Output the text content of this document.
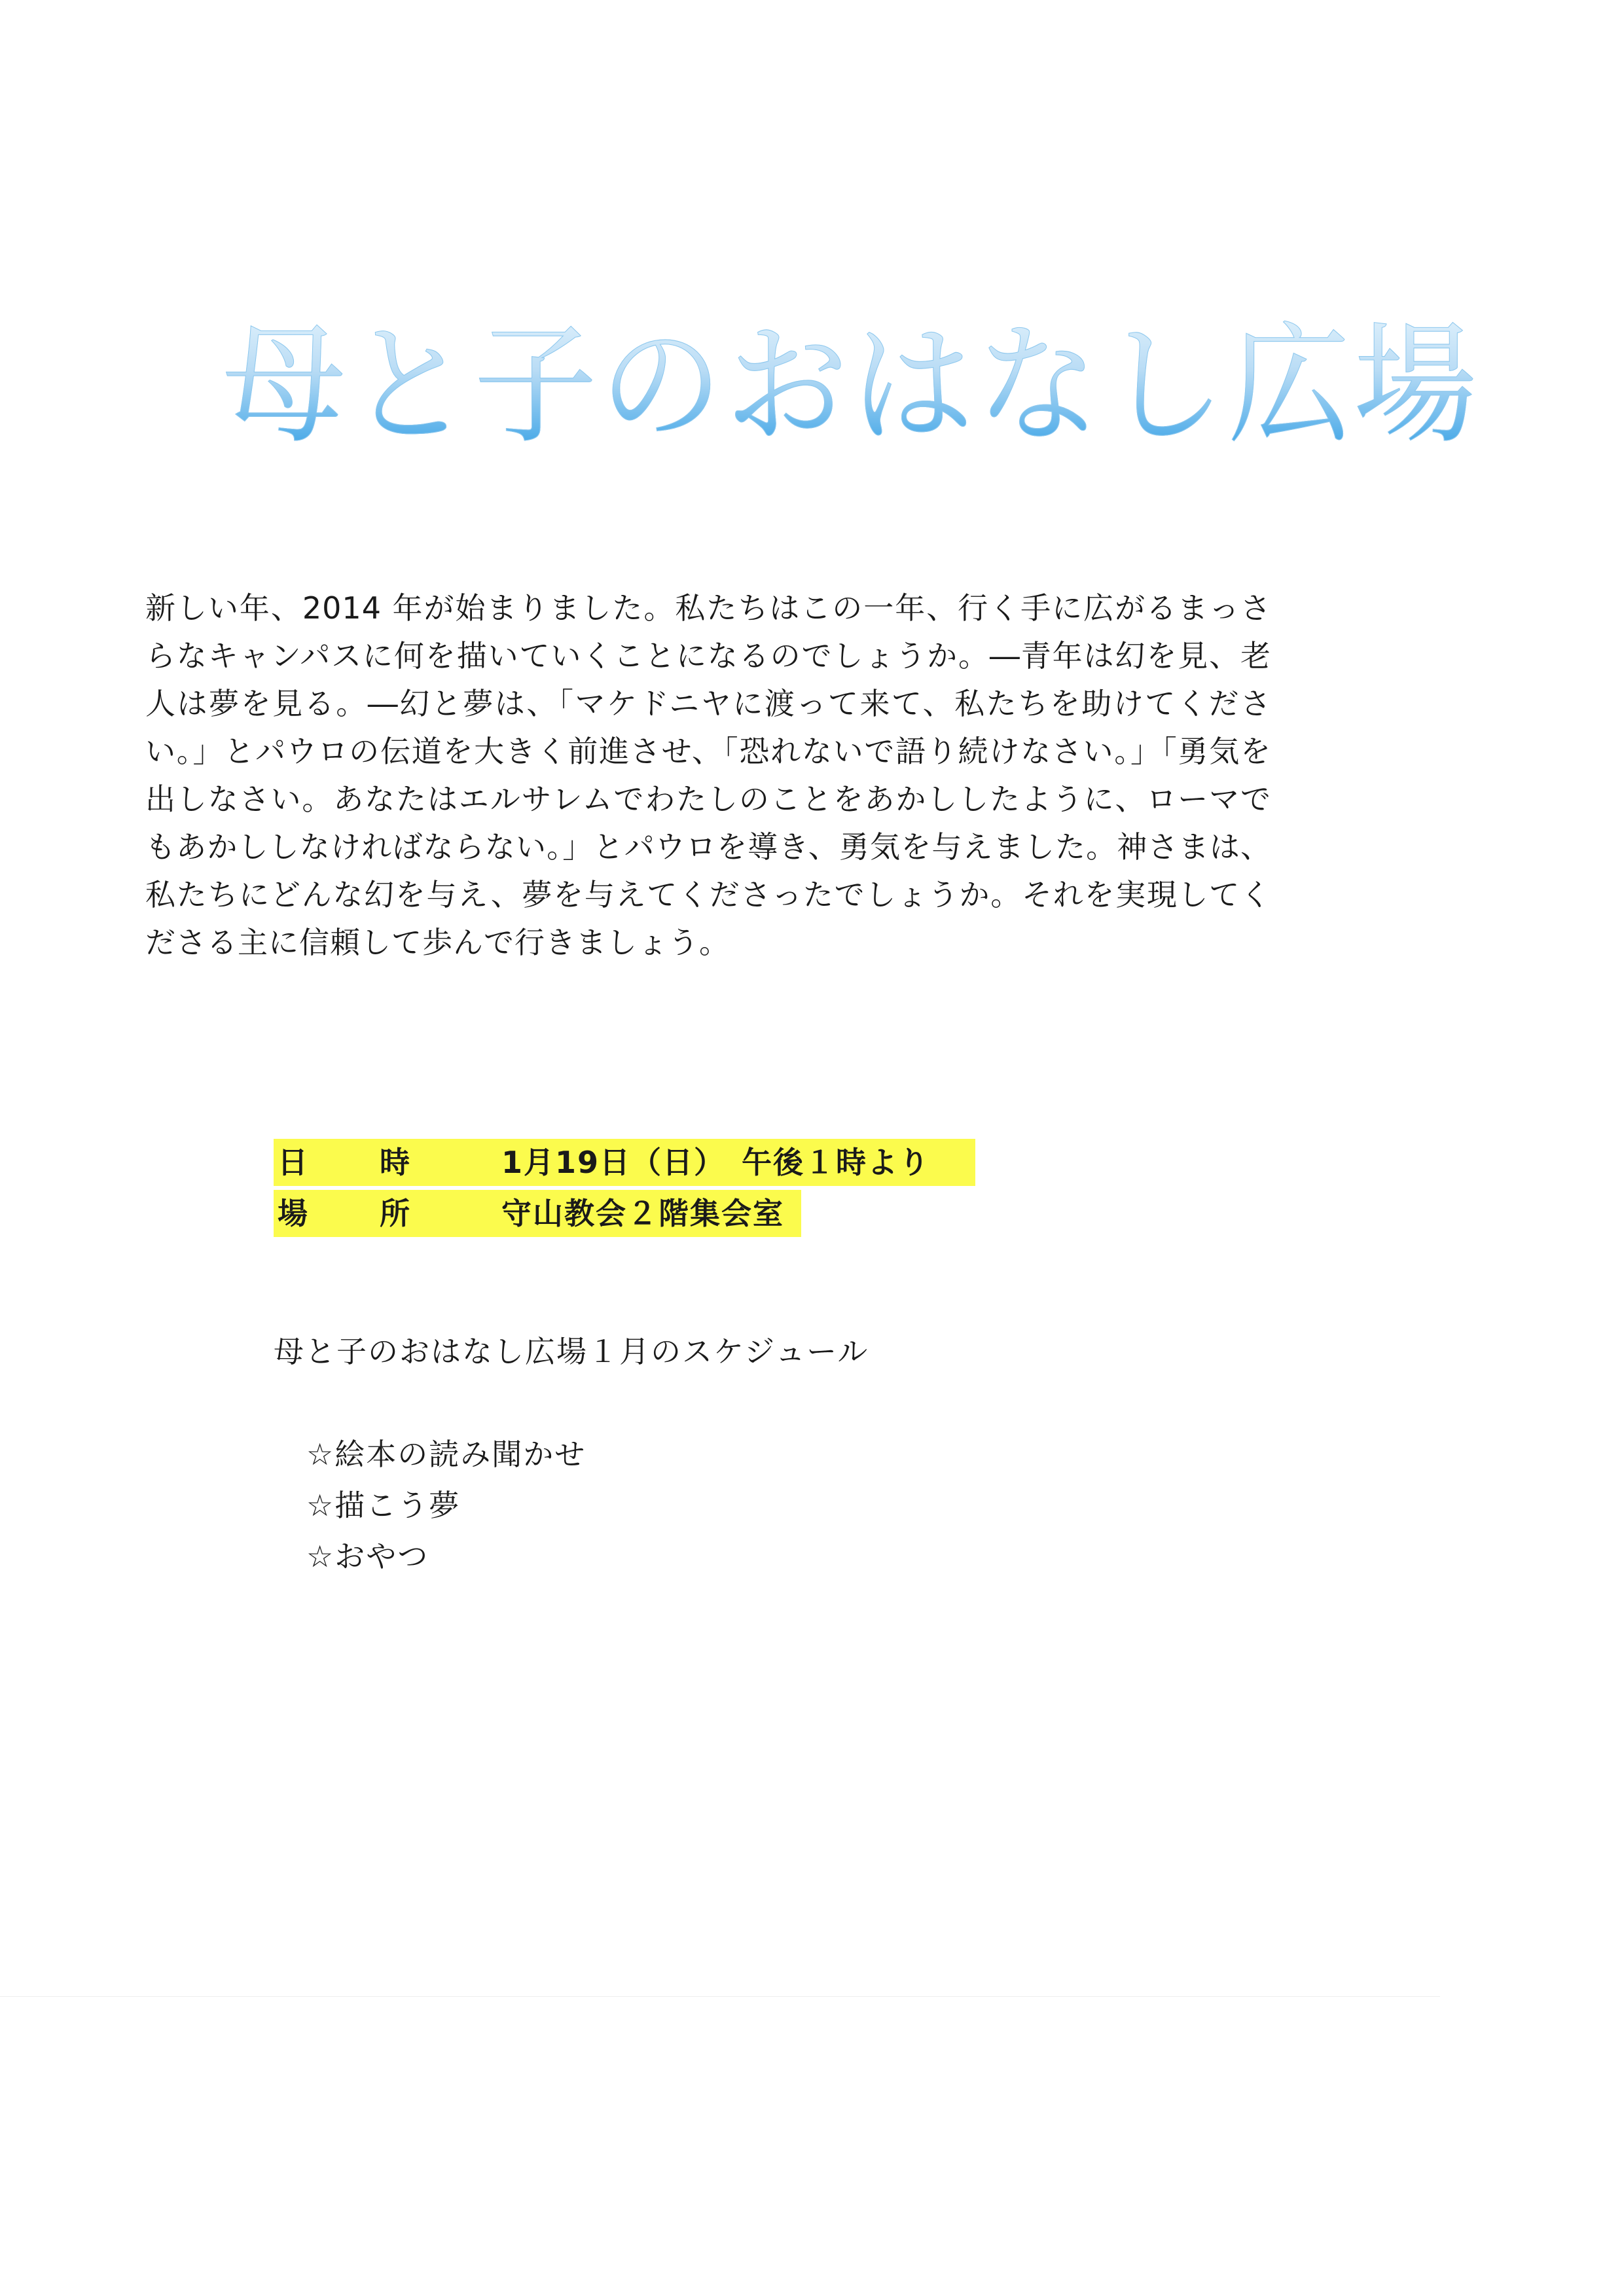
母と子のおはなし広場

新しい年、2014 年が始まりました。私たちはこの一年、行く手に広がるまっさらなキャンパスに何を描いていくことになるのでしょうか。―青年は幻を見、老人は夢を見る。―幻と夢は、「マケドニヤに渡って来て、私たちを助けてください。」とパウロの伝道を大きく前進させ、「恐れないで語り続けなさい。」「勇気を出しなさい。あなたはエルサレムでわたしのことをあかししたように、ローマでもあかししなければならない。」とパウロを導き、勇気を与えました。神さまは、私たちにどんな幻を与え、夢を与えてくださったでしょうか。それを実現してくださる主に信頼して歩んで行きましょう。

日時 1月19日（日）　午後１時より
場所 守山教会２階集会室

母と子のおはなし広場１月のスケジュール

☆絵本の読み聞かせ
☆描こう夢
☆おやつ
